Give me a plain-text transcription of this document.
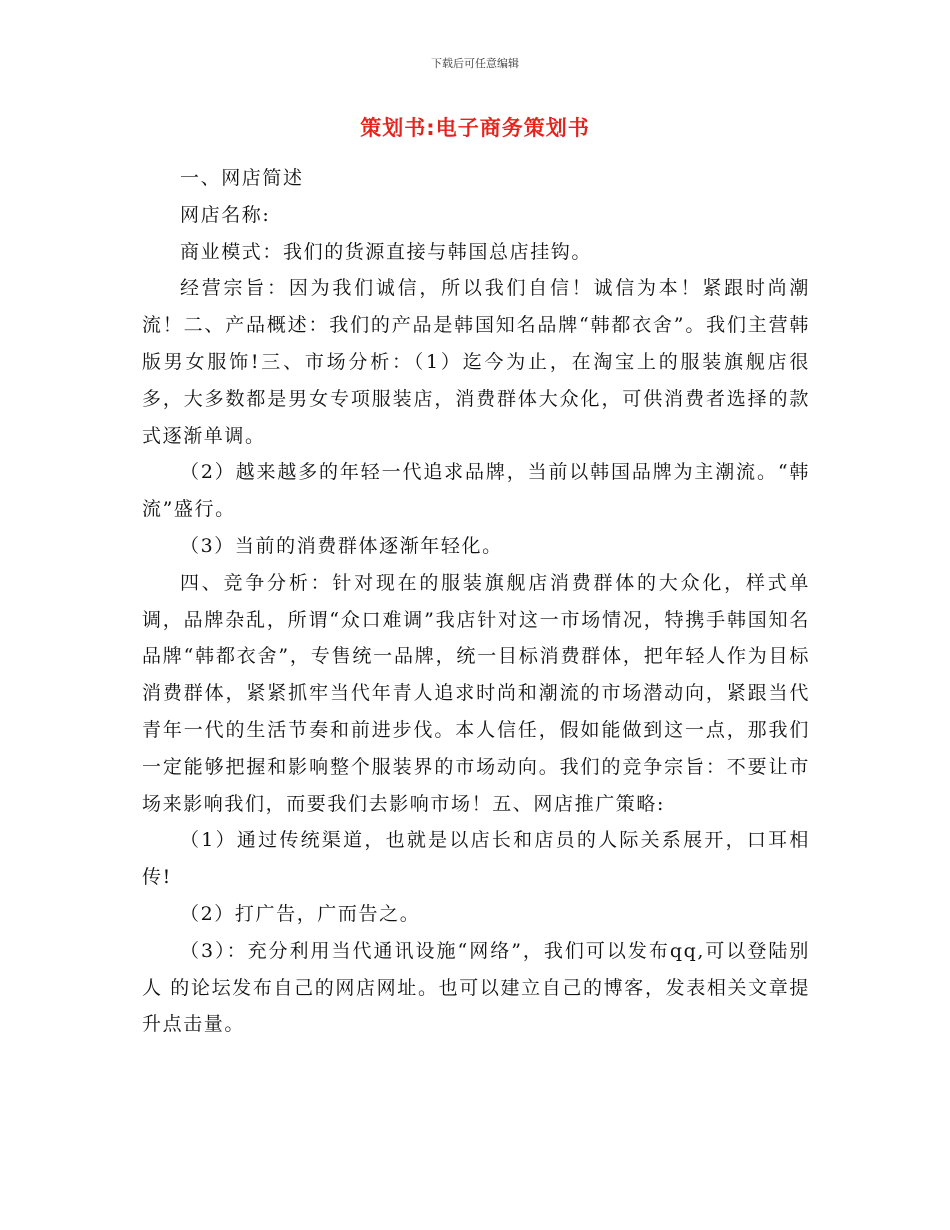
下载后可任意编辑
策划书:电子商务策划书

一、网店简述

网店名称:

商业模式：我们的货源直接与韩国总店挂钩。

经营宗旨：因为我们诚信，所以我们自信！诚信为本！紧跟时尚潮流！二、产品概述：我们的产品是韩国知名品牌“韩都衣舍”。我们主营韩版男女服饰!三、市场分析：（1）迄今为止，在淘宝上的服装旗舰店很多，大多数都是男女专项服装店，消费群体大众化，可供消费者选择的款式逐渐单调。

（2）越来越多的年轻一代追求品牌，当前以韩国品牌为主潮流。“韩流”盛行。

（3）当前的消费群体逐渐年轻化。

四、竞争分析：针对现在的服装旗舰店消费群体的大众化，样式单调，品牌杂乱，所谓“众口难调”我店针对这一市场情况，特携手韩国知名品牌“韩都衣舍”，专售统一品牌，统一目标消费群体，把年轻人作为目标消费群体，紧紧抓牢当代年青人追求时尚和潮流的市场潜动向，紧跟当代青年一代的生活节奏和前进步伐。本人信任，假如能做到这一点，那我们一定能够把握和影响整个服装界的市场动向。我们的竞争宗旨：不要让市场来影响我们，而要我们去影响市场！五、网店推广策略:

（1）通过传统渠道，也就是以店长和店员的人际关系展开，口耳相传!

（2）打广告，广而告之。

（3）：充分利用当代通讯设施“网络”，我们可以发布qq,可以登陆别 人 的论坛发布自己的网店网址。也可以建立自己的博客，发表相关文章提升点击量。
